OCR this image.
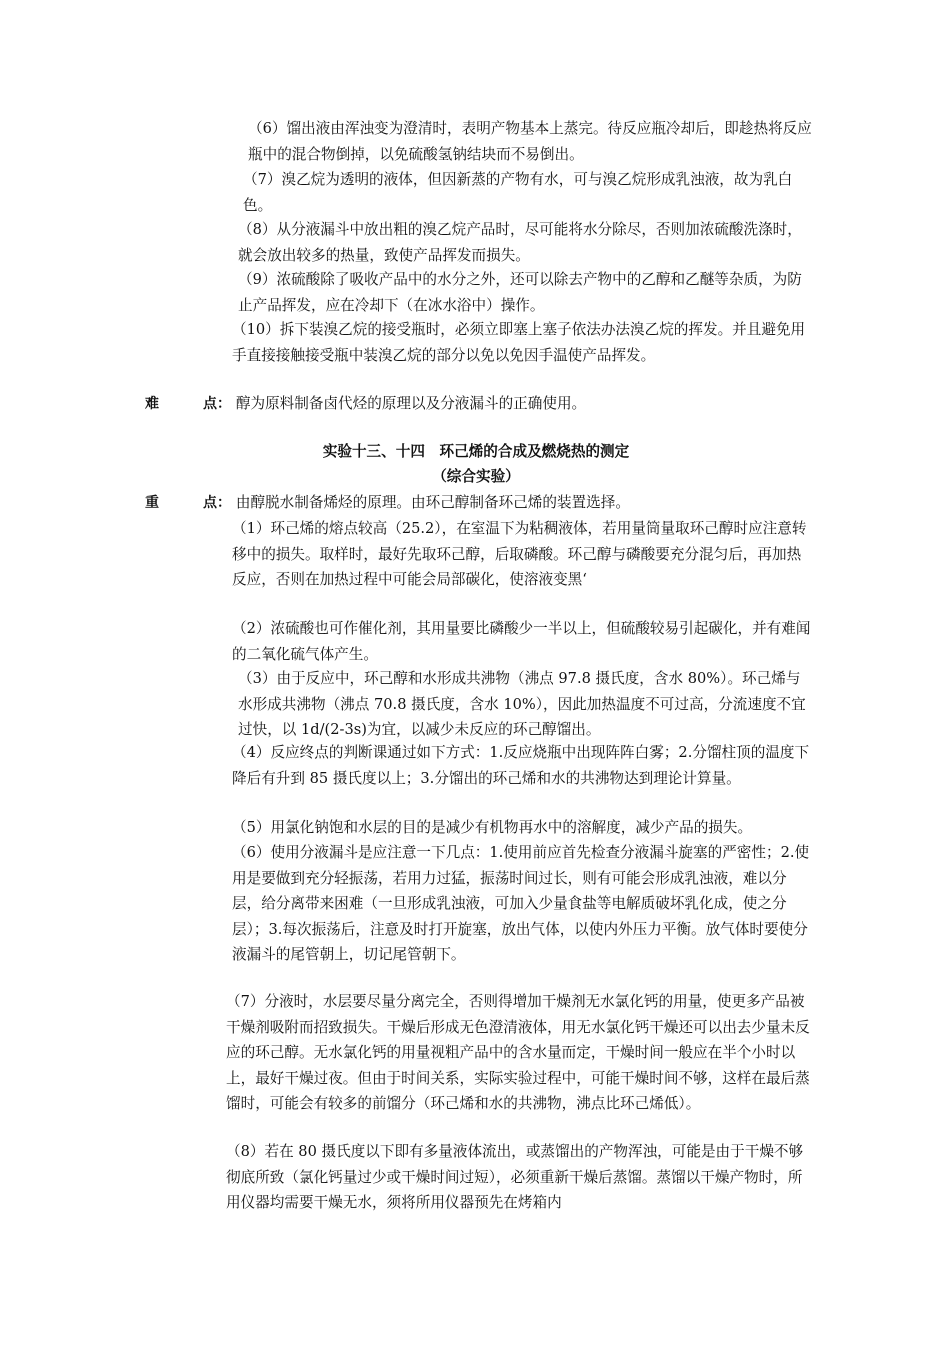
（6）馏出液由浑浊变为澄清时，表明产物基本上蒸完。待反应瓶冷却后，即趁热将反应瓶中的混合物倒掉，以免硫酸氢钠结块而不易倒出。
（7）溴乙烷为透明的液体，但因新蒸的产物有水，可与溴乙烷形成乳浊液，故为乳白色。
（8）从分液漏斗中放出粗的溴乙烷产品时，尽可能将水分除尽，否则加浓硫酸洗涤时，就会放出较多的热量，致使产品挥发而损失。
（9）浓硫酸除了吸收产品中的水分之外，还可以除去产物中的乙醇和乙醚等杂质，为防止产品挥发，应在冷却下（在冰水浴中）操作。
（10）拆下装溴乙烷的接受瓶时，必须立即塞上塞子依法办法溴乙烷的挥发。并且避免用手直接接触接受瓶中装溴乙烷的部分以免以免因手温使产品挥发。
难	点： 醇为原料制备卤代烃的原理以及分液漏斗的正确使用。
实验十三、十四　环己烯的合成及燃烧热的测定
（综合实验）
重	点： 由醇脱水制备烯烃的原理。由环己醇制备环己烯的装置选择。
（1）环己烯的熔点较高（25.2），在室温下为粘稠液体，若用量筒量取环己醇时应注意转移中的损失。取样时，最好先取环己醇，后取磷酸。环己醇与磷酸要充分混匀后，再加热反应，否则在加热过程中可能会局部碳化，使溶液变黑‘
（2）浓硫酸也可作催化剂，其用量要比磷酸少一半以上，但硫酸较易引起碳化，并有难闻的二氧化硫气体产生。
（3）由于反应中，环己醇和水形成共沸物（沸点 97.8 摄氏度，含水 80%）。环己烯与水形成共沸物（沸点 70.8 摄氏度，含水 10%），因此加热温度不可过高，分流速度不宜过快，以 1d/(2-3s)为宜，以减少未反应的环己醇馏出。
（4）反应终点的判断课通过如下方式：1.反应烧瓶中出现阵阵白雾；2.分馏柱顶的温度下降后有升到 85 摄氏度以上；3.分馏出的环己烯和水的共沸物达到理论计算量。
（5）用氯化钠饱和水层的目的是减少有机物再水中的溶解度，减少产品的损失。
（6）使用分液漏斗是应注意一下几点：1.使用前应首先检查分液漏斗旋塞的严密性；2.使用是要做到充分轻振荡，若用力过猛，振荡时间过长，则有可能会形成乳浊液，难以分层，给分离带来困难（一旦形成乳浊液，可加入少量食盐等电解质破坏乳化成，使之分层）；3.每次振荡后，注意及时打开旋塞，放出气体，以使内外压力平衡。放气体时要使分液漏斗的尾管朝上，切记尾管朝下。
（7）分液时，水层要尽量分离完全，否则得增加干燥剂无水氯化钙的用量，使更多产品被干燥剂吸附而招致损失。干燥后形成无色澄清液体，用无水氯化钙干燥还可以出去少量未反应的环己醇。无水氯化钙的用量视粗产品中的含水量而定，干燥时间一般应在半个小时以上，最好干燥过夜。但由于时间关系，实际实验过程中，可能干燥时间不够，这样在最后蒸馏时，可能会有较多的前馏分（环己烯和水的共沸物，沸点比环己烯低）。
（8）若在 80 摄氏度以下即有多量液体流出，或蒸馏出的产物浑浊，可能是由于干燥不够彻底所致（氯化钙量过少或干燥时间过短），必须重新干燥后蒸馏。蒸馏以干燥产物时，所用仪器均需要干燥无水，须将所用仪器预先在烤箱内
